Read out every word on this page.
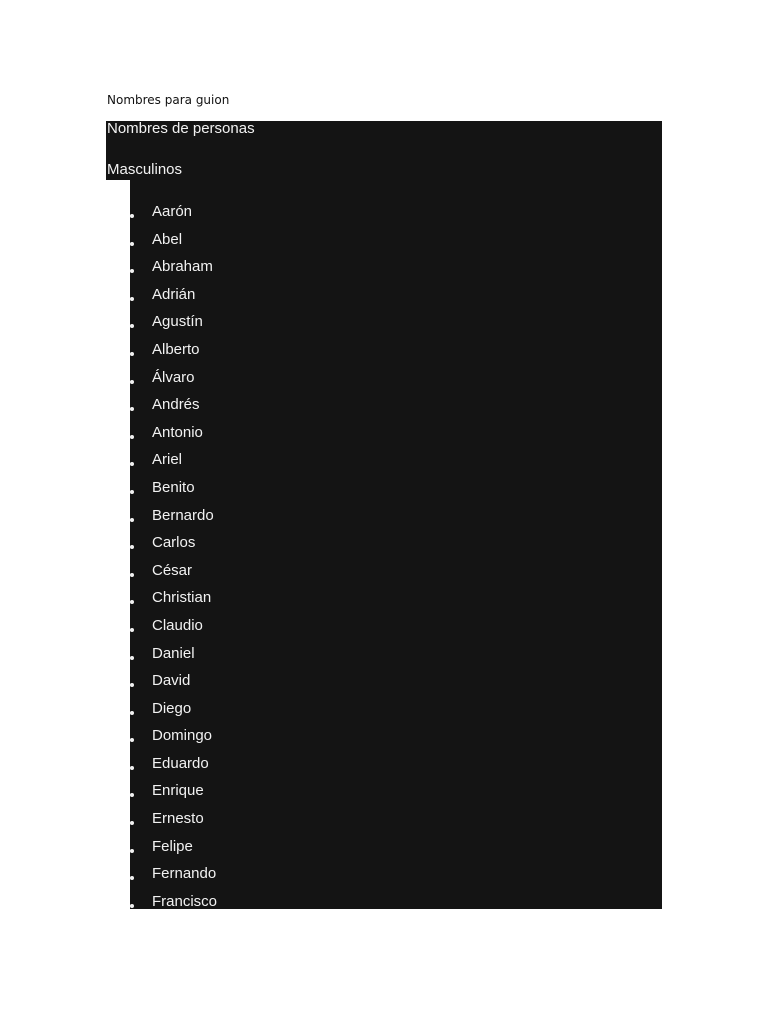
Nombres para guion
Nombres de personas
Masculinos
Aarón
Abel
Abraham
Adrián
Agustín
Alberto
Álvaro
Andrés
Antonio
Ariel
Benito
Bernardo
Carlos
César
Christian
Claudio
Daniel
David
Diego
Domingo
Eduardo
Enrique
Ernesto
Felipe
Fernando
Francisco
